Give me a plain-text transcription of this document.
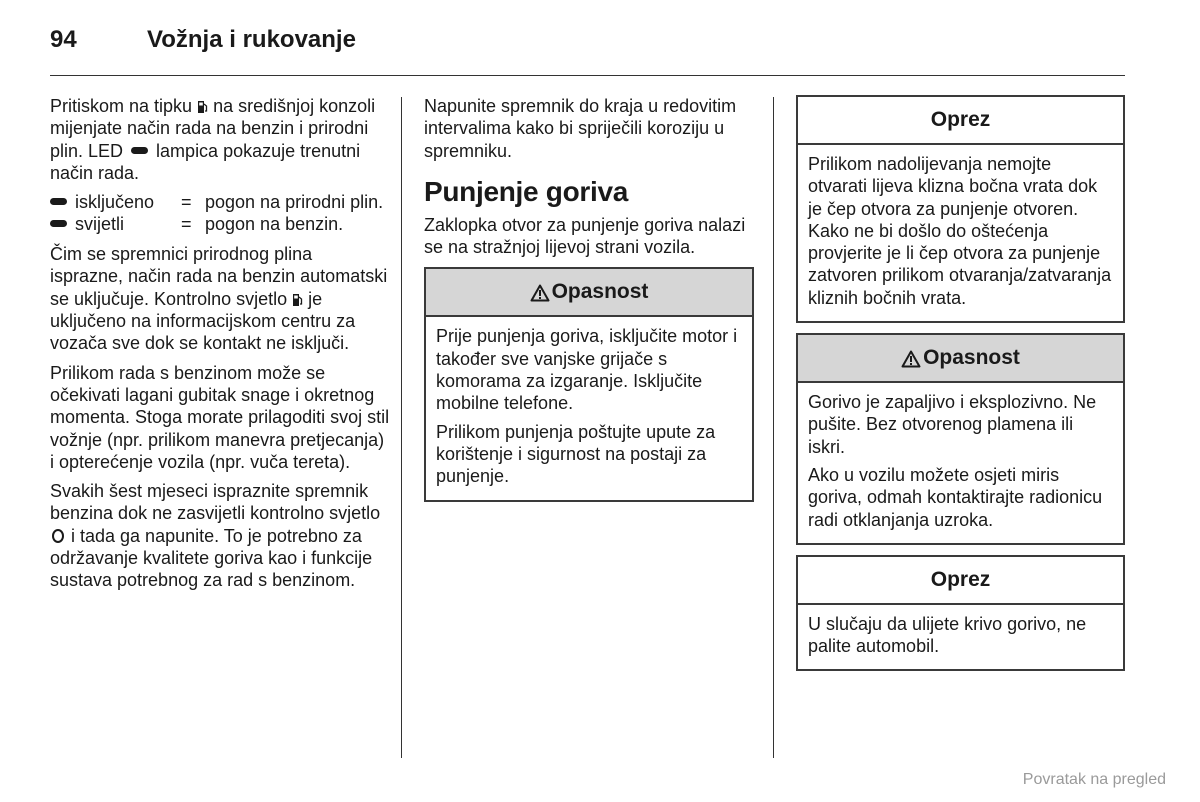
94	Vožnja i rukovanje

Pritiskom na tipku  na središnjoj konzoli mijenjate način rada na benzin i prirodni plin. LED  lampica pokazuje trenutni način rada.

isključeno	= pogon na prirodni plin.
svijetli	= pogon na benzin.

Čim se spremnici prirodnog plina isprazne, način rada na benzin automatski se uključuje. Kontrolno svjetlo  je uključeno na informacijskom centru za vozača sve dok se kontakt ne isključi.

Prilikom rada s benzinom može se očekivati lagani gubitak snage i okretnog momenta. Stoga morate prilagoditi svoj stil vožnje (npr. prilikom manevra pretjecanja) i opterećenje vozila (npr. vuča tereta).

Svakih šest mjeseci ispraznite spremnik benzina dok ne zasvijetli kontrolno svjetlo  i tada ga napunite. To je potrebno za održavanje kvalitete goriva kao i funkcije sustava potrebnog za rad s benzinom.

Napunite spremnik do kraja u redovitim intervalima kako bi spriječili koroziju u spremniku.

Punjenje goriva

Zaklopka otvor za punjenje goriva nalazi se na stražnjoj lijevoj strani vozila.

Opasnost

Prije punjenja goriva, isključite motor i također sve vanjske grijače s komorama za izgaranje. Isključite mobilne telefone.

Prilikom punjenja poštujte upute za korištenje i sigurnost na postaji za punjenje.

Oprez

Prilikom nadolijevanja nemojte otvarati lijeva klizna bočna vrata dok je čep otvora za punjenje otvoren. Kako ne bi došlo do oštećenja provjerite je li čep otvora za punjenje zatvoren prilikom otvaranja/zatvaranja kliznih bočnih vrata.

Opasnost

Gorivo je zapaljivo i eksplozivno. Ne pušite. Bez otvorenog plamena ili iskri.

Ako u vozilu možete osjeti miris goriva, odmah kontaktirajte radionicu radi otklanjanja uzroka.

Oprez

U slučaju da ulijete krivo gorivo, ne palite automobil.

Povratak na pregled
